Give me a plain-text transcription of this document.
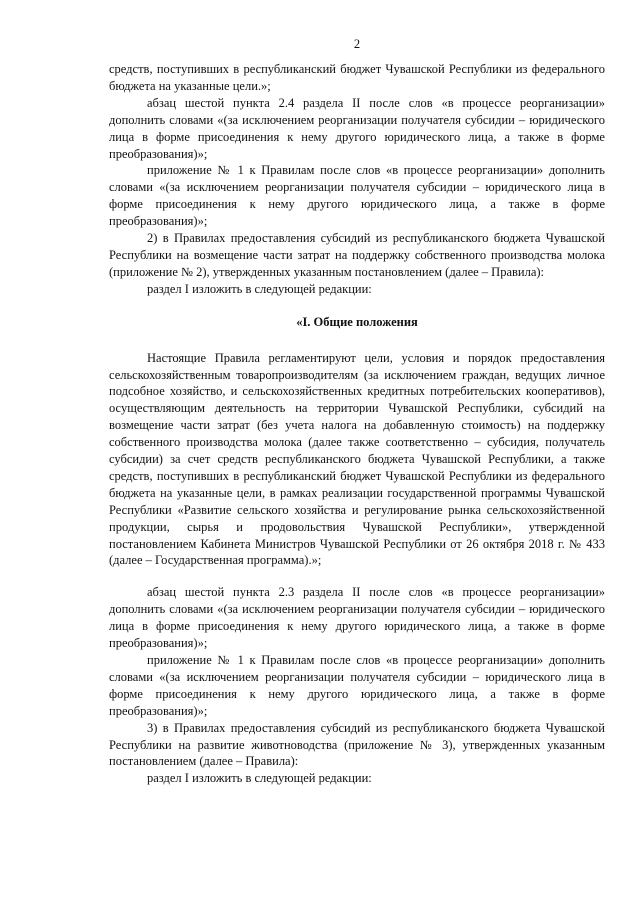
2

средств, поступивших в республиканский бюджет Чувашской Республики из федерального бюджета на указанные цели.»;

абзац шестой пункта 2.4 раздела II после слов «в процессе реорганизации» дополнить словами «(за исключением реорганизации получателя субсидии – юридического лица в форме присоединения к нему другого юридического лица, а также в форме преобразования)»;

приложение № 1 к Правилам после слов «в процессе реорганизации» дополнить словами «(за исключением реорганизации получателя субсидии – юридического лица в форме присоединения к нему другого юридического лица, а также в форме преобразования)»;

2) в Правилах предоставления субсидий из республиканского бюджета Чувашской Республики на возмещение части затрат на поддержку собственного производства молока (приложение № 2), утвержденных указанным постановлением (далее – Правила):

раздел I изложить в следующей редакции:

«I. Общие положения

Настоящие Правила регламентируют цели, условия и порядок предоставления сельскохозяйственным товаропроизводителям (за исключением граждан, ведущих личное подсобное хозяйство, и сельскохозяйственных кредитных потребительских кооперативов), осуществляющим деятельность на территории Чувашской Республики, субсидий на возмещение части затрат (без учета налога на добавленную стоимость) на поддержку собственного производства молока (далее также соответственно – субсидия, получатель субсидии) за счет средств республиканского бюджета Чувашской Республики, а также средств, поступивших в республиканский бюджет Чувашской Республики из федерального бюджета на указанные цели, в рамках реализации государственной программы Чувашской Республики «Развитие сельского хозяйства и регулирование рынка сельскохозяйственной продукции, сырья и продовольствия Чувашской Республики», утвержденной постановлением Кабинета Министров Чувашской Республики от 26 октября 2018 г. № 433 (далее – Государственная программа).»;

абзац шестой пункта 2.3 раздела II после слов «в процессе реорганизации» дополнить словами «(за исключением реорганизации получателя субсидии – юридического лица в форме присоединения к нему другого юридического лица, а также в форме преобразования)»;

приложение № 1 к Правилам после слов «в процессе реорганизации» дополнить словами «(за исключением реорганизации получателя субсидии – юридического лица в форме присоединения к нему другого юридического лица, а также в форме преобразования)»;

3) в Правилах предоставления субсидий из республиканского бюджета Чувашской Республики на развитие животноводства (приложение № 3), утвержденных указанным постановлением (далее – Правила):

раздел I изложить в следующей редакции:
